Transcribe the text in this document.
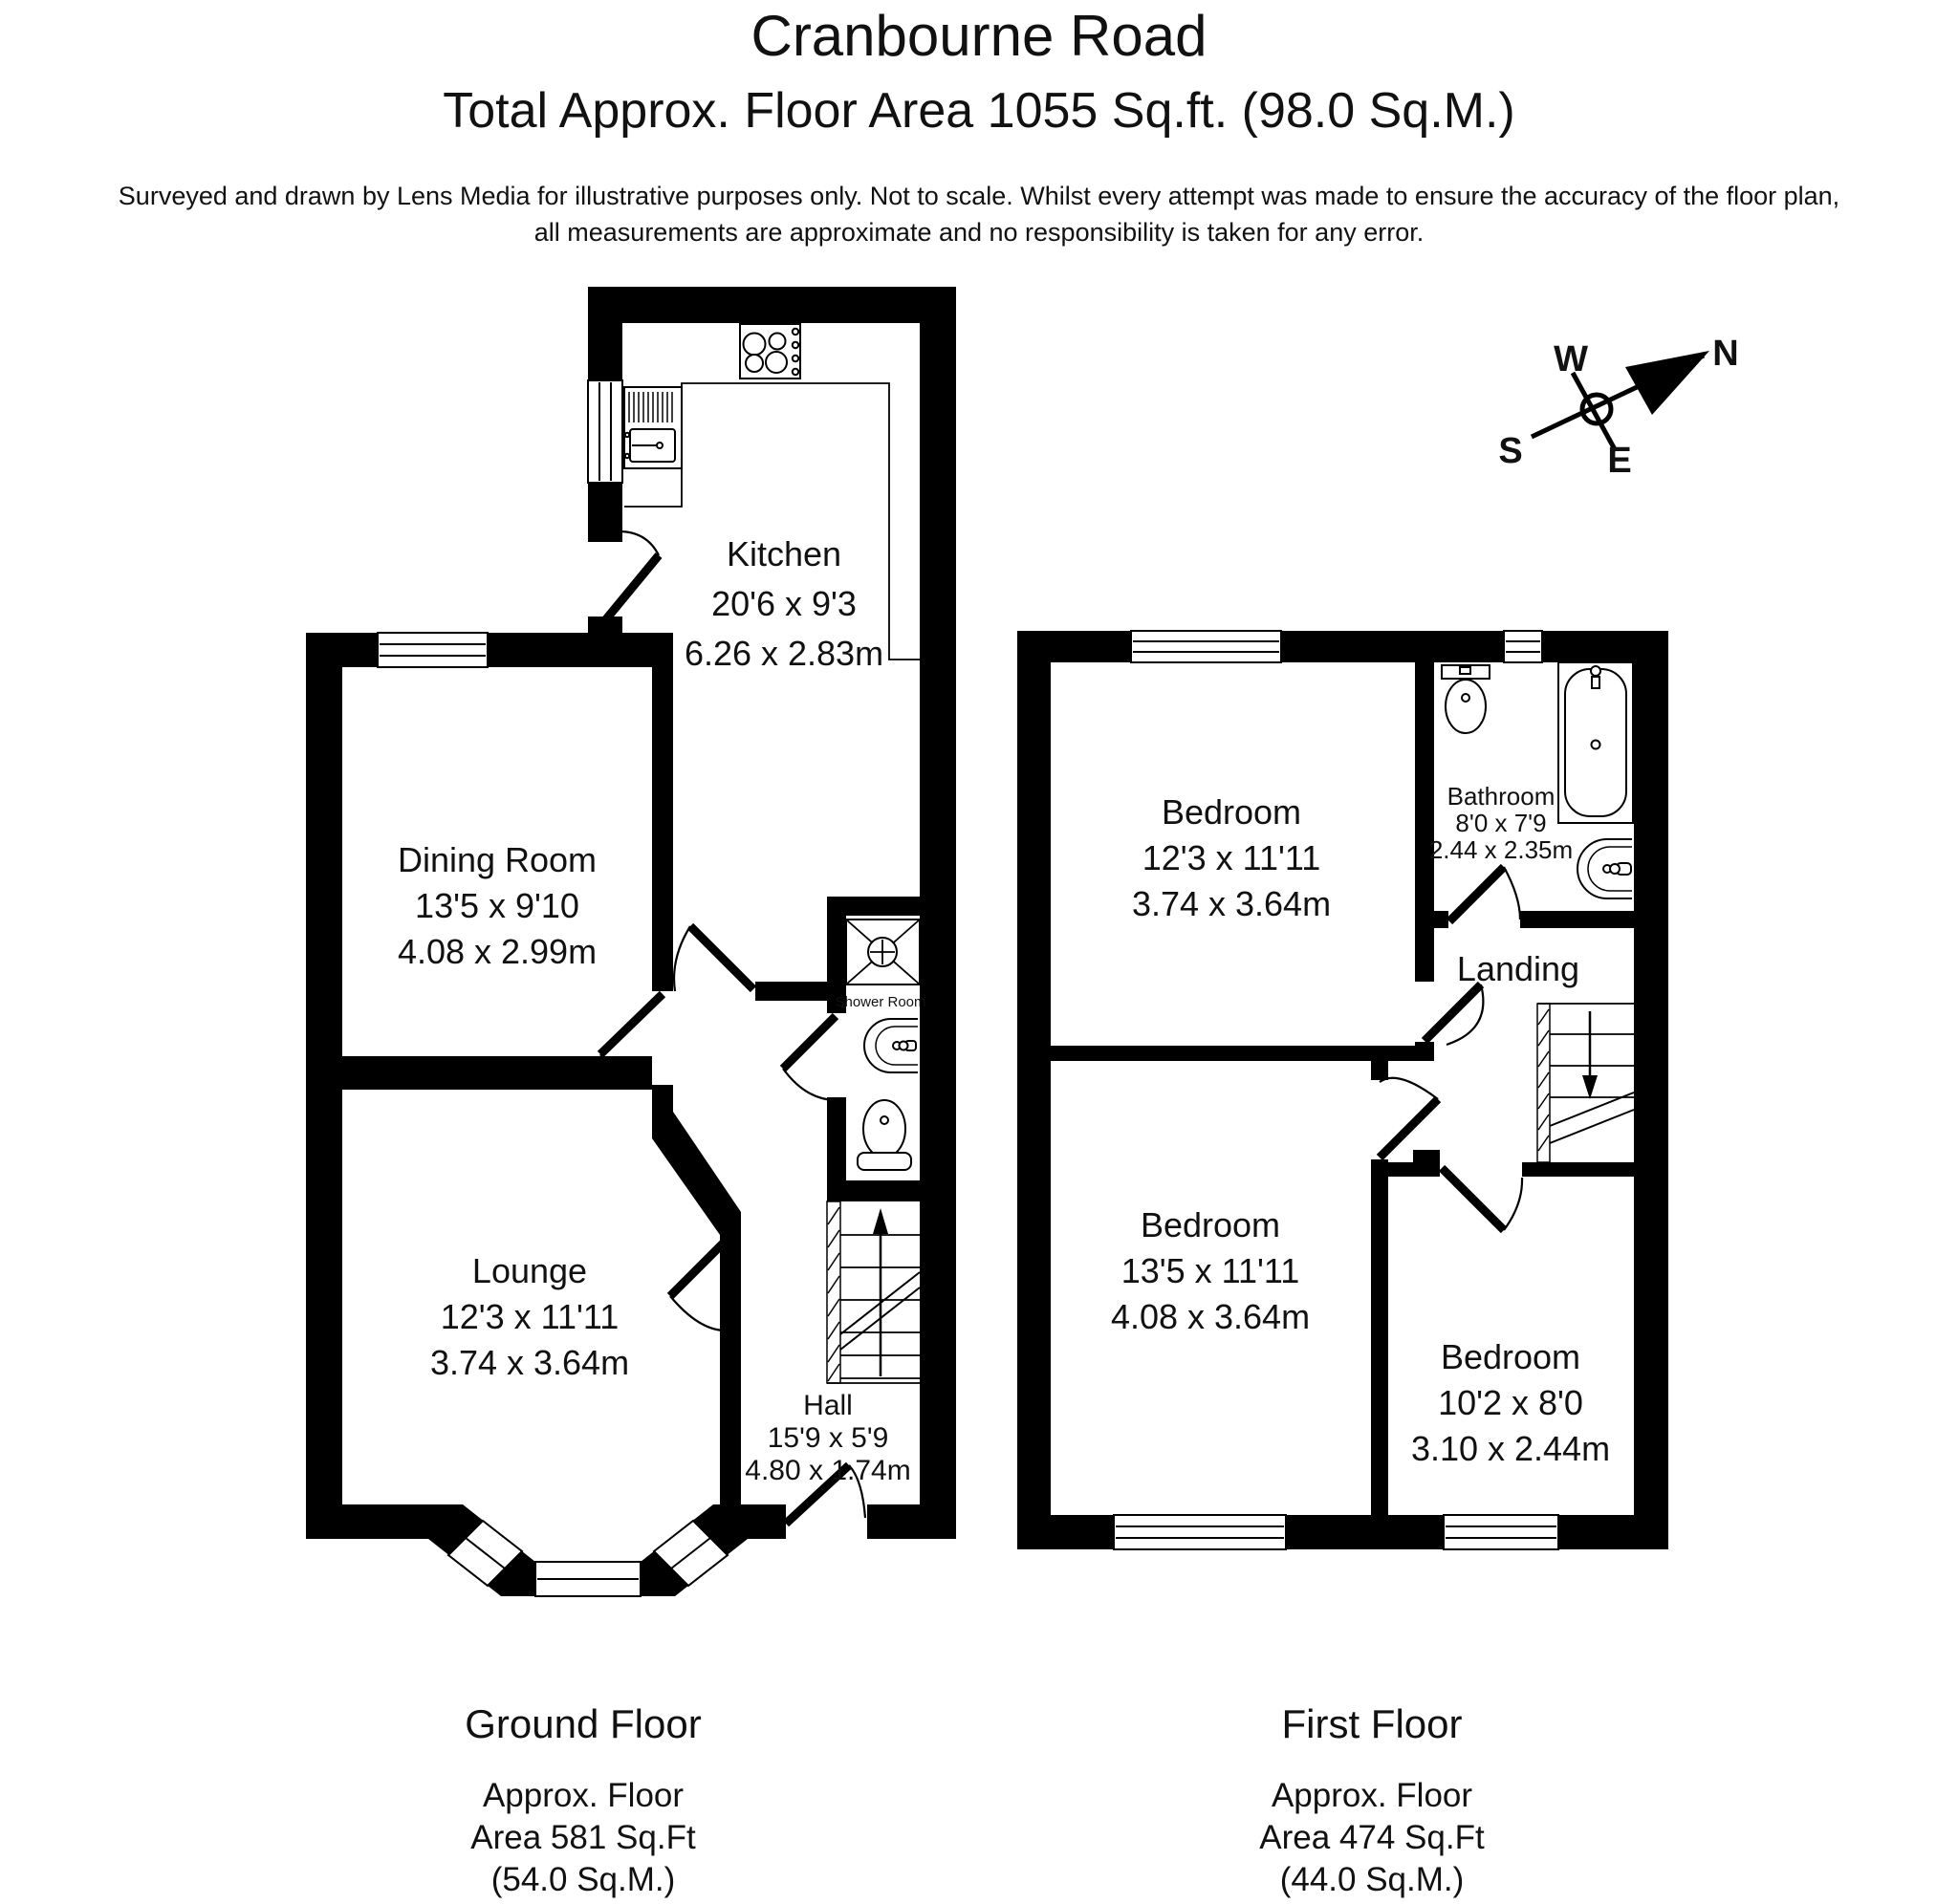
Cranbourne Road
Total Approx. Floor Area 1055 Sq.ft. (98.0 Sq.M.)
Surveyed and drawn by Lens Media for illustrative purposes only. Not to scale. Whilst every attempt was made to ensure the accuracy of the floor plan,
all measurements are approximate and no responsibility is taken for any error.
N
W
S E
Kitchen
20'6 x 9'3
6.26 x 2.83m
Dining Room
13'5 x 9'10
4.08 x 2.99m
Lounge
12'3 x 11'11
3.74 x 3.64m
Hall
15'9 x 5'9
4.80 x 1.74m
Shower Room
Bedroom
12'3 x 11'11
3.74 x 3.64m
Bathroom
8'0 x 7'9
2.44 x 2.35m
Landing
Bedroom
13'5 x 11'11
4.08 x 3.64m
Bedroom
10'2 x 8'0
3.10 x 2.44m
Ground Floor
Approx. Floor
Area 581 Sq.Ft
(54.0 Sq.M.)
First Floor
Approx. Floor
Area 474 Sq.Ft
(44.0 Sq.M.)
